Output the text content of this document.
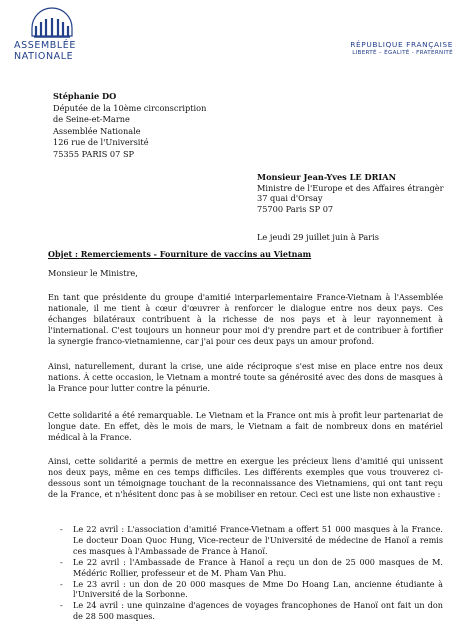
ASSEMBLÉE
NATIONALE
RÉPUBLIQUE FRANÇAISE
LIBERTÉ – ÉGALITÉ - FRATERNITÉ
Stéphanie DO
Députée de la 10ème circonscription
de Seine-et-Marne
Assemblée Nationale
126 rue de l'Université
75355 PARIS 07 SP
Monsieur Jean-Yves LE DRIAN
Ministre de l'Europe et des Affaires étrangèr
37 quai d'Orsay
75700 Paris SP 07
Le jeudi 29 juillet juin à Paris
Objet : Remerciements - Fourniture de vaccins au Vietnam
Monsieur le Ministre,
En tant que présidente du groupe d'amitié interparlementaire France-Vietnam à l'Assemblée nationale, il me tient à cœur d'œuvrer à renforcer le dialogue entre nos deux pays. Ces échanges bilatéraux contribuent à la richesse de nos pays et à leur rayonnement à l'international. C'est toujours un honneur pour moi d'y prendre part et de contribuer à fortifier la synergie franco-vietnamienne, car j'ai pour ces deux pays un amour profond.
Ainsi, naturellement, durant la crise, une aide réciproque s'est mise en place entre nos deux nations. À cette occasion, le Vietnam a montré toute sa générosité avec des dons de masques à la France pour lutter contre la pénurie.
Cette solidarité a été remarquable. Le Vietnam et la France ont mis à profit leur partenariat de longue date. En effet, dès le mois de mars, le Vietnam a fait de nombreux dons en matériel médical à la France.
Ainsi, cette solidarité a permis de mettre en exergue les précieux liens d'amitié qui unissent nos deux pays, même en ces temps difficiles. Les différents exemples que vous trouverez ci-dessous sont un témoignage touchant de la reconnaissance des Vietnamiens, qui ont tant reçu de la France, et n'hésitent donc pas à se mobiliser en retour. Ceci est une liste non exhaustive :
- Le 22 avril : L'association d'amitié France-Vietnam a offert 51 000 masques à la France. Le docteur Doan Quoc Hung, Vice-recteur de l'Université de médecine de Hanoï a remis ces masques à l'Ambassade de France à Hanoï.
- Le 22 avril : l'Ambassade de France à Hanoï a reçu un don de 25 000 masques de M. Médéric Rollier, professeur et de M. Pham Van Phu.
- Le 23 avril : un don de 20 000 masques de Mme Do Hoang Lan, ancienne étudiante à l'Université de la Sorbonne.
- Le 24 avril : une quinzaine d'agences de voyages francophones de Hanoï ont fait un don de 28 500 masques.
